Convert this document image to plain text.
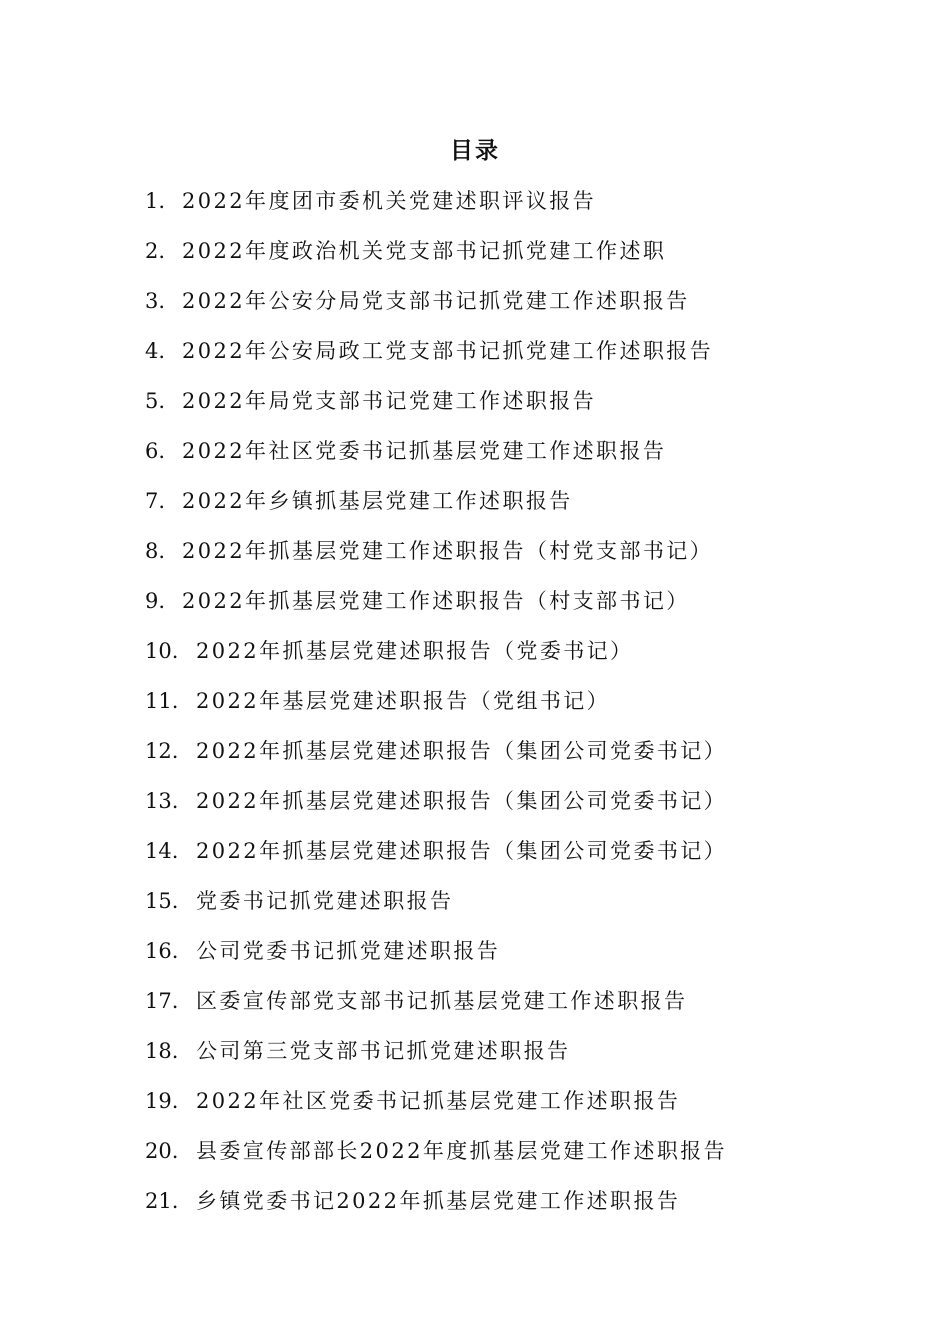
目录
1. 2022年度团市委机关党建述职评议报告
2. 2022年度政治机关党支部书记抓党建工作述职
3. 2022年公安分局党支部书记抓党建工作述职报告
4. 2022年公安局政工党支部书记抓党建工作述职报告
5. 2022年局党支部书记党建工作述职报告
6. 2022年社区党委书记抓基层党建工作述职报告
7. 2022年乡镇抓基层党建工作述职报告
8. 2022年抓基层党建工作述职报告（村党支部书记）
9. 2022年抓基层党建工作述职报告（村支部书记）
10. 2022年抓基层党建述职报告（党委书记）
11. 2022年基层党建述职报告（党组书记）
12. 2022年抓基层党建述职报告（集团公司党委书记）
13. 2022年抓基层党建述职报告（集团公司党委书记）
14. 2022年抓基层党建述职报告（集团公司党委书记）
15. 党委书记抓党建述职报告
16. 公司党委书记抓党建述职报告
17. 区委宣传部党支部书记抓基层党建工作述职报告
18. 公司第三党支部书记抓党建述职报告
19. 2022年社区党委书记抓基层党建工作述职报告
20. 县委宣传部部长2022年度抓基层党建工作述职报告
21. 乡镇党委书记2022年抓基层党建工作述职报告
